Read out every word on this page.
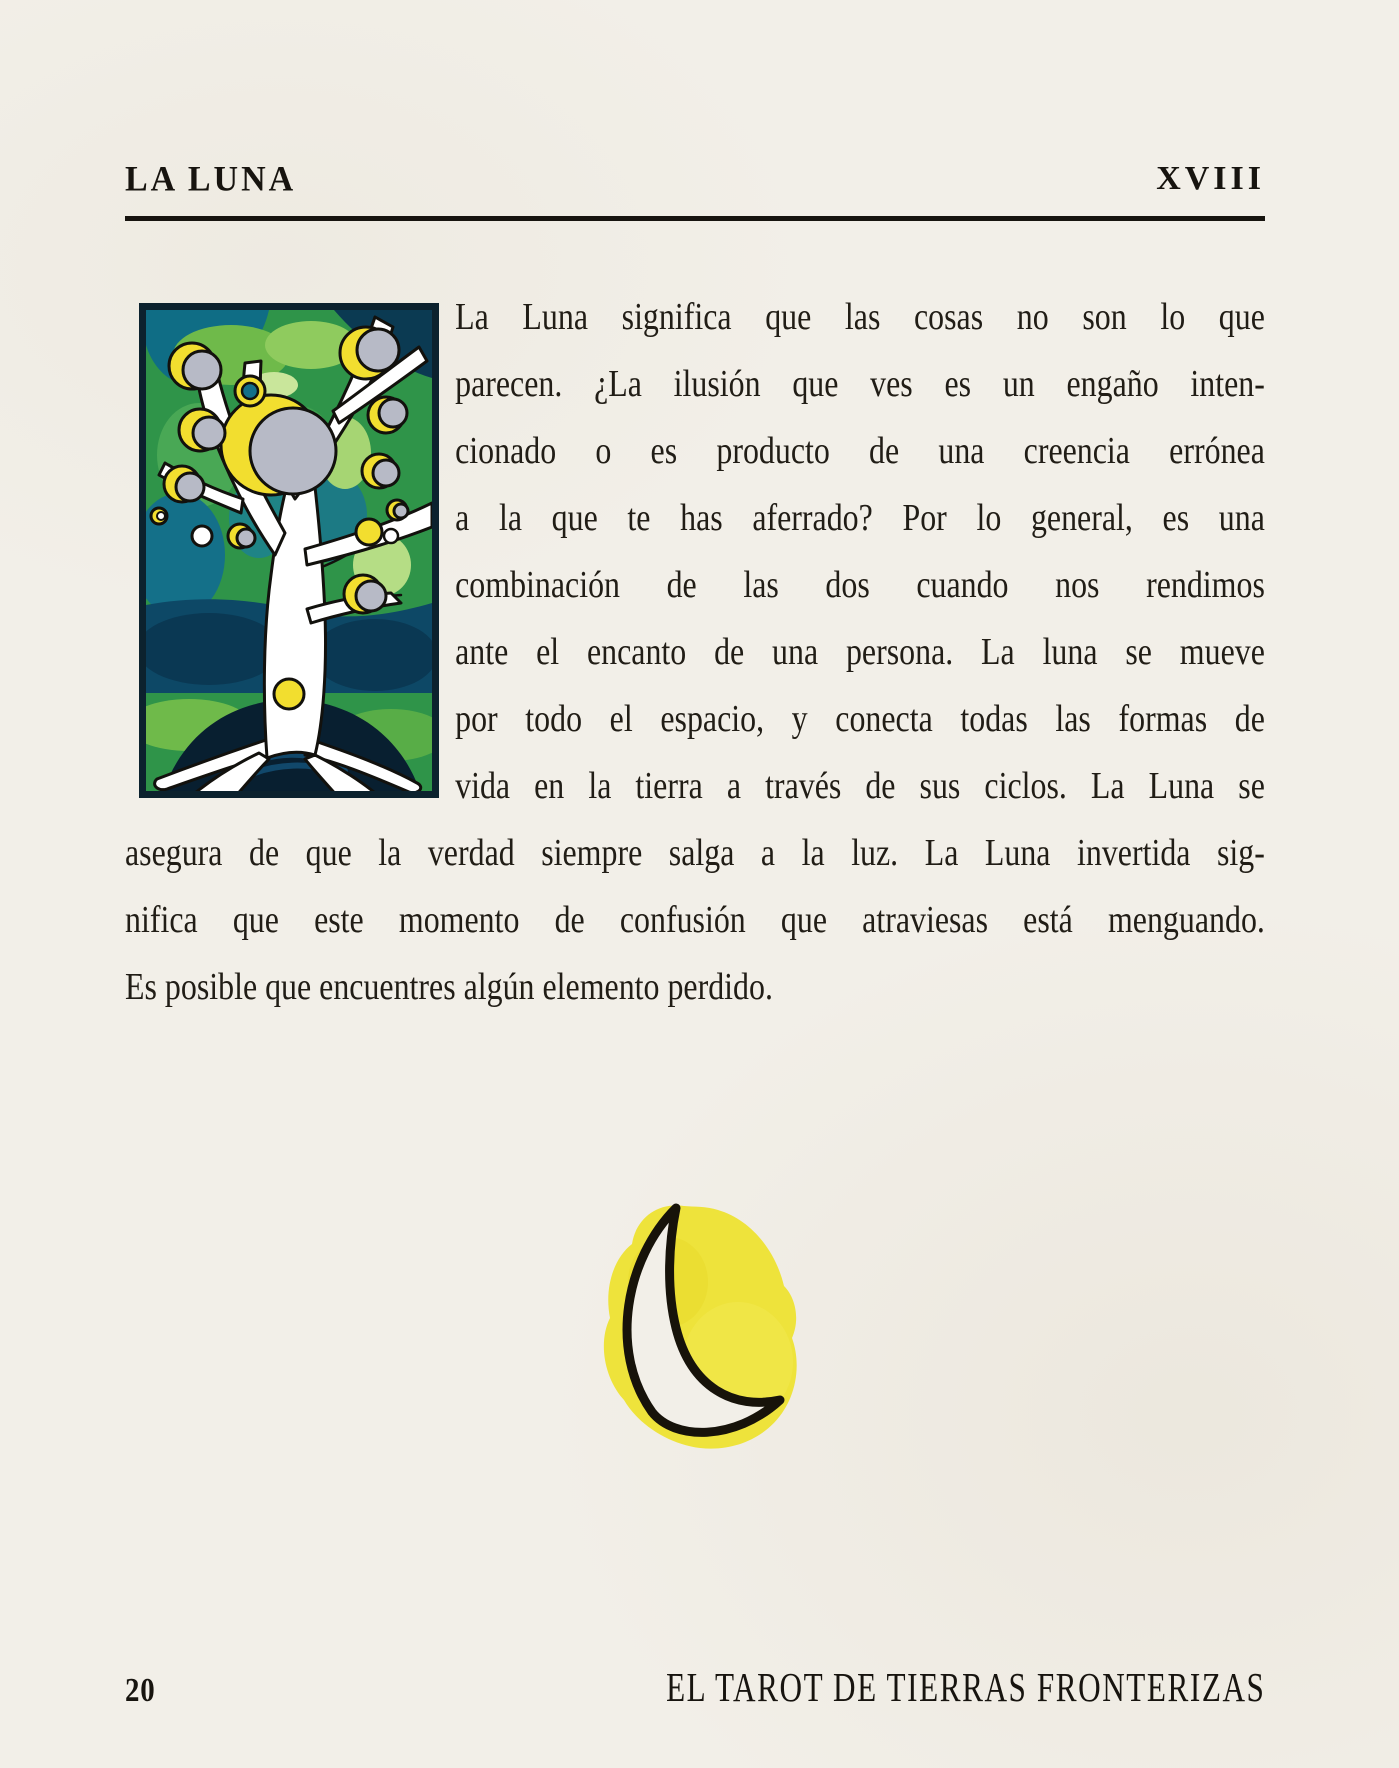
LA LUNA	XVIII
La Luna significa que las cosas no son lo que
parecen. ¿La ilusión que ves es un engaño inten-
cionado o es producto de una creencia errónea
a la que te has aferrado? Por lo general, es una
combinación de las dos cuando nos rendimos
ante el encanto de una persona. La luna se mueve
por todo el espacio, y conecta todas las formas de
vida en la tierra a través de sus ciclos. La Luna se
asegura de que la verdad siempre salga a la luz. La Luna invertida sig-
nifica que este momento de confusión que atraviesas está menguando.
Es posible que encuentres algún elemento perdido.
20	EL TAROT DE TIERRAS FRONTERIZAS
